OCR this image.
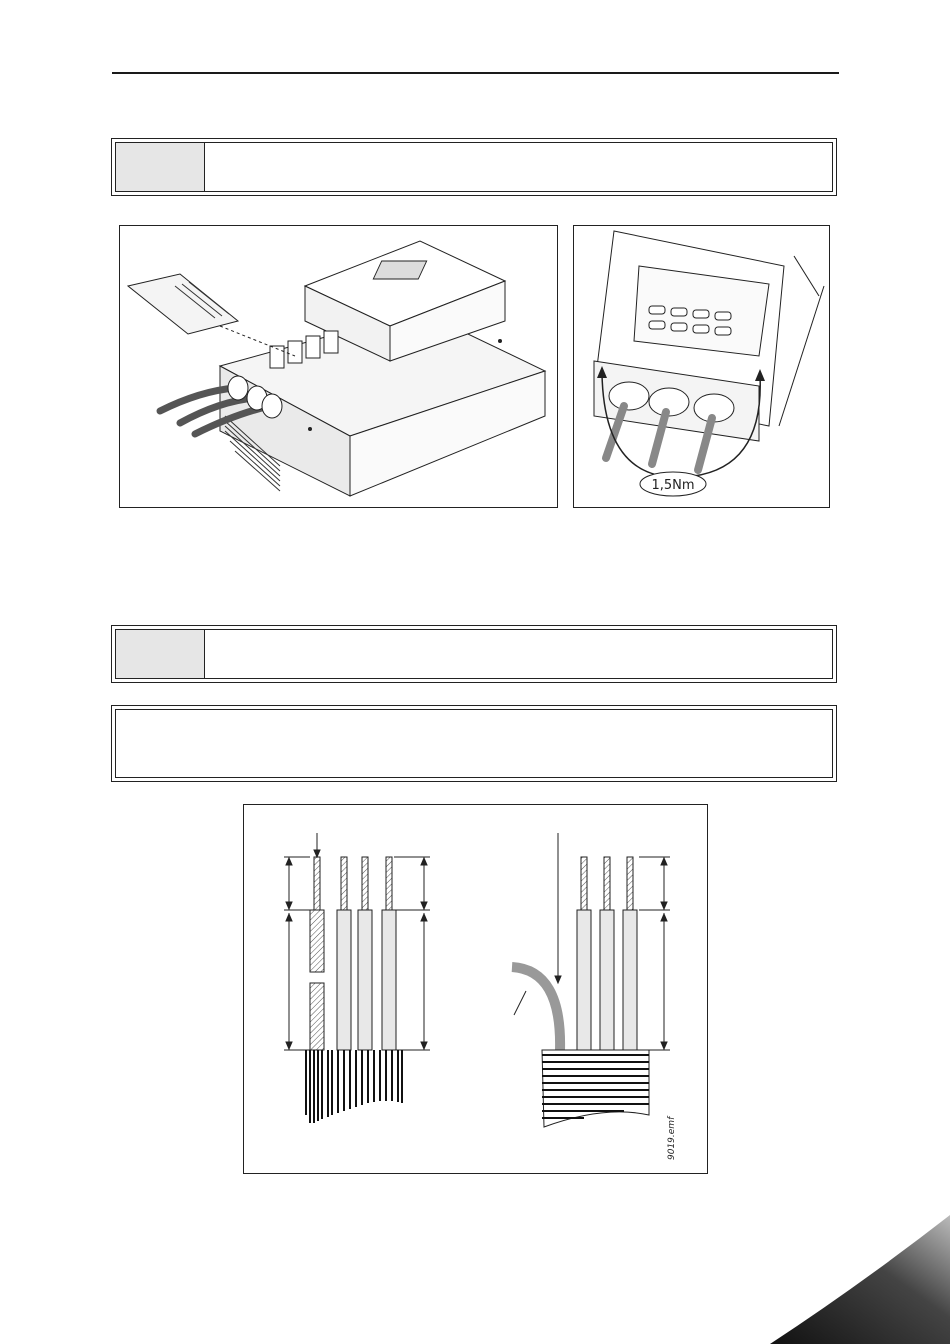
1,5Nm
9019.emf
